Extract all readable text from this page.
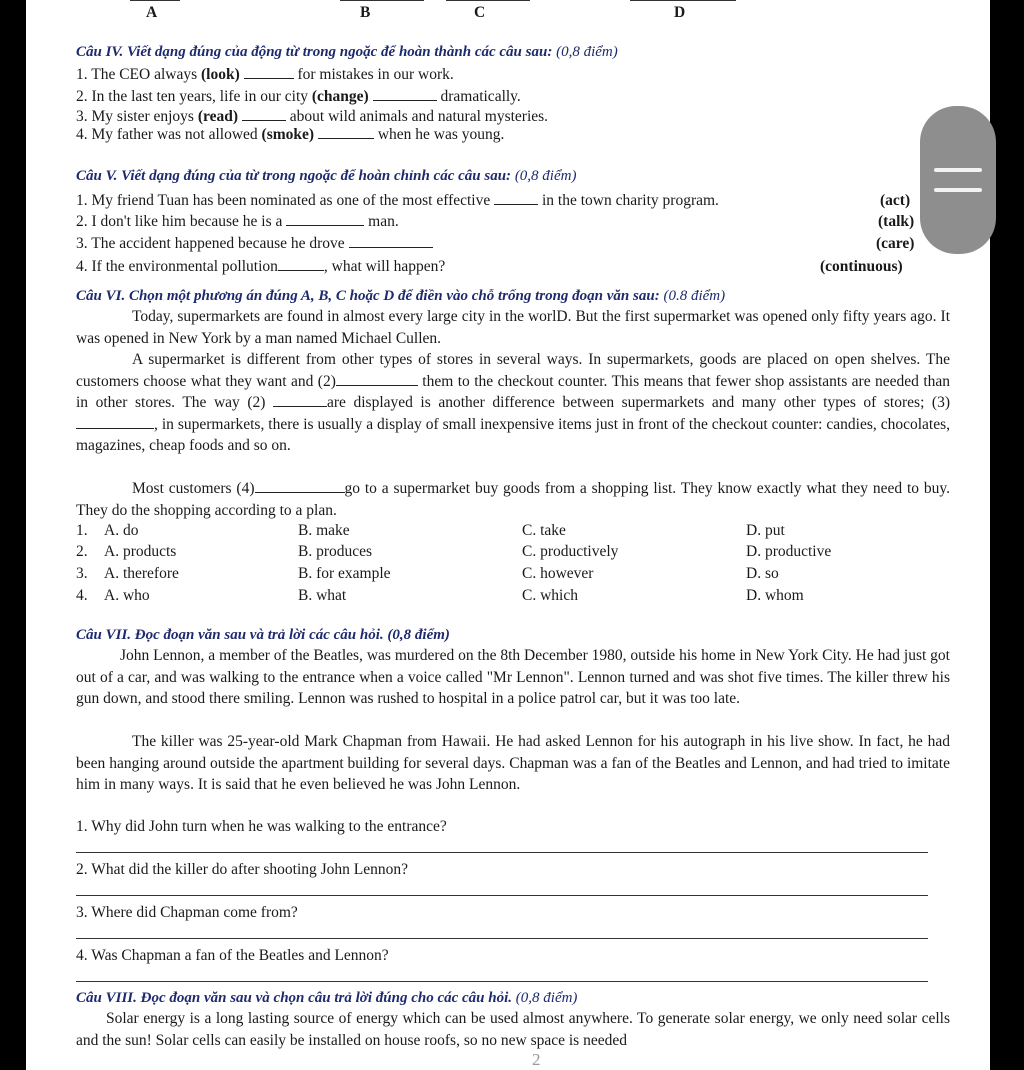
A	B	C	D
Câu IV. Viết dạng đúng của động từ trong ngoặc để hoàn thành các câu sau: (0,8 điểm)
1. The CEO always (look)	for mistakes in our work.
2. In the last ten years, life in our city (change)	dramatically.
3. My sister enjoys (read)	about wild animals and natural mysteries.
4. My father was not allowed (smoke)	when he was young.
Câu V. Viết dạng đúng của từ trong ngoặc để hoàn chỉnh các câu sau: (0,8 điểm)
1. My friend Tuan has been nominated as one of the most effective	in the town charity program.	(act)
2. I don't like him because he is a	man.	(talk)
3. The accident happened because he drove	(care)
4. If the environmental pollution	, what will happen?	(continuous)
Câu VI. Chọn một phương án đúng A, B, C hoặc D để điền vào chỗ trống trong đoạn văn sau: (0.8 điểm)
Today, supermarkets are found in almost every large city in the worlD. But the first supermarket was opened only fifty years ago. It was opened in New York by a man named Michael Cullen.
A supermarket is different from other types of stores in several ways. In supermarkets, goods are placed on open shelves. The customers choose what they want and (2)	them to the checkout counter. This means that fewer shop assistants are needed than in other stores. The way (2)	are displayed is another difference between supermarkets and many other types of stores; (3), in supermarkets, there is usually a display of small inexpensive items just in front of the checkout counter: candies, chocolates, magazines, cheap foods and so on.
Most customers (4)	go to a supermarket buy goods from a shopping list. They know exactly what they need to buy. They do the shopping according to a plan.
1. A. do	B. make	C. take	D. put
2. A. products	B. produces	C. productively	D. productive
3. A. therefore	B. for example	C. however	D. so
4. A. who	B. what	C. which	D. whom
Câu VII. Đọc đoạn văn sau và trả lời các câu hỏi. (0,8 điểm)
John Lennon, a member of the Beatles, was murdered on the 8th December 1980, outside his home in New York City. He had just got out of a car, and was walking to the entrance when a voice called "Mr Lennon". Lennon turned and was shot five times. The killer threw his gun down, and stood there smiling. Lennon was rushed to hospital in a police patrol car, but it was too late.
The killer was 25-year-old Mark Chapman from Hawaii. He had asked Lennon for his autograph in his live show. In fact, he had been hanging around outside the apartment building for several days. Chapman was a fan of the Beatles and Lennon, and had tried to imitate him in many ways. It is said that he even believed he was John Lennon.
1. Why did John turn when he was walking to the entrance?
2. What did the killer do after shooting John Lennon?
3. Where did Chapman come from?
4. Was Chapman a fan of the Beatles and Lennon?
Câu VIII. Đọc đoạn văn sau và chọn câu trả lời đúng cho các câu hỏi. (0,8 điểm)
Solar energy is a long lasting source of energy which can be used almost anywhere. To generate solar energy, we only need solar cells and the sun! Solar cells can easily be installed on house roofs, so no new space is needed
2
